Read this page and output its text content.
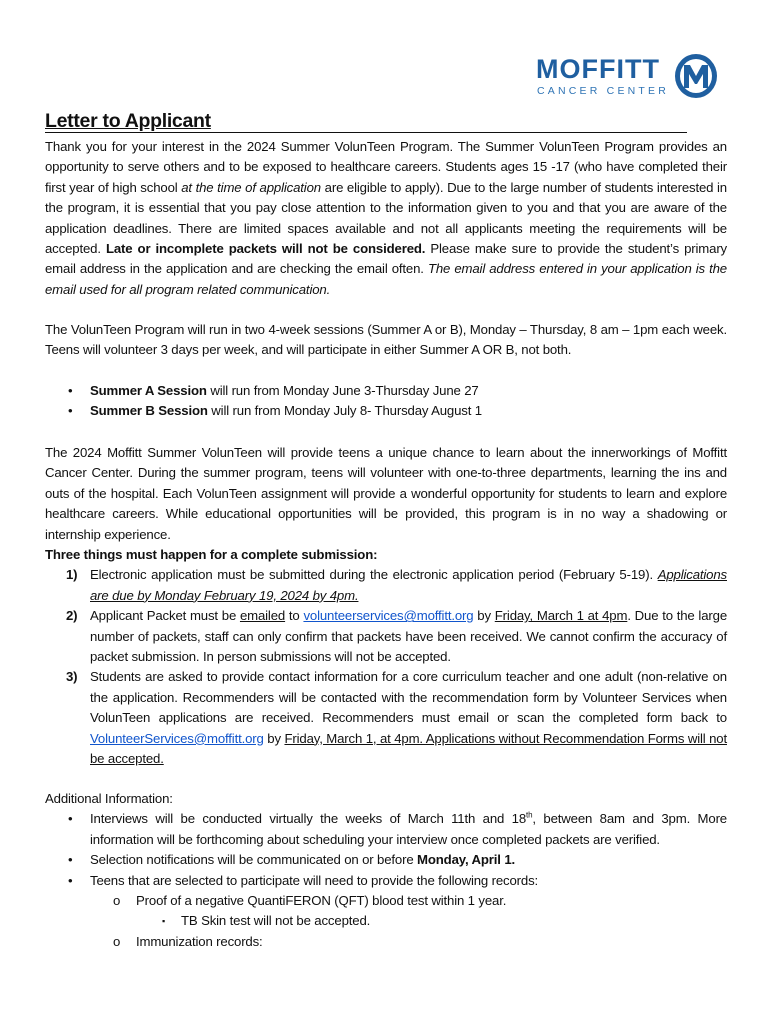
MOFFITT
CANCER CENTER
Letter to Applicant
Thank you for your interest in the 2024 Summer VolunTeen Program. The Summer VolunTeen Program provides an opportunity to serve others and to be exposed to healthcare careers. Students ages 15 -17 (who have completed their first year of high school at the time of application are eligible to apply). Due to the large number of students interested in the program, it is essential that you pay close attention to the information given to you and that you are aware of the application deadlines. There are limited spaces available and not all applicants meeting the requirements will be accepted. Late or incomplete packets will not be considered. Please make sure to provide the student’s primary email address in the application and are checking the email often. The email address entered in your application is the email used for all program related communication.
The VolunTeen Program will run in two 4-week sessions (Summer A or B), Monday – Thursday, 8 am – 1pm each week. Teens will volunteer 3 days per week, and will participate in either Summer A OR B, not both.
• Summer A Session will run from Monday June 3-Thursday June 27
• Summer B Session will run from Monday July 8- Thursday August 1
The 2024 Moffitt Summer VolunTeen will provide teens a unique chance to learn about the innerworkings of Moffitt Cancer Center. During the summer program, teens will volunteer with one-to-three departments, learning the ins and outs of the hospital. Each VolunTeen assignment will provide a wonderful opportunity for students to learn and explore healthcare careers. While educational opportunities will be provided, this program is in no way a shadowing or internship experience.

Three things must happen for a complete submission:

1) Electronic application must be submitted during the electronic application period (February 5-19). Applications are due by Monday February 19, 2024 by 4pm.
2) Applicant Packet must be emailed to volunteerservices@moffitt.org by Friday, March 1 at 4pm. Due to the large number of packets, staff can only confirm that packets have been received. We cannot confirm the accuracy of packet submission. In person submissions will not be accepted.
3) Students are asked to provide contact information for a core curriculum teacher and one adult (non-relative on the application. Recommenders will be contacted with the recommendation form by Volunteer Services when VolunTeen applications are received. Recommenders must email or scan the completed form back to VolunteerServices@moffitt.org by Friday, March 1, at 4pm. Applications without Recommendation Forms will not be accepted.

Additional Information:

• Interviews will be conducted virtually the weeks of March 11th and 18th, between 8am and 3pm. More information will be forthcoming about scheduling your interview once completed packets are verified.
• Selection notifications will be communicated on or before Monday, April 1.
• Teens that are selected to participate will need to provide the following records:
o Proof of a negative QuantiFERON (QFT) blood test within 1 year.
▪ TB Skin test will not be accepted.
o Immunization records:
